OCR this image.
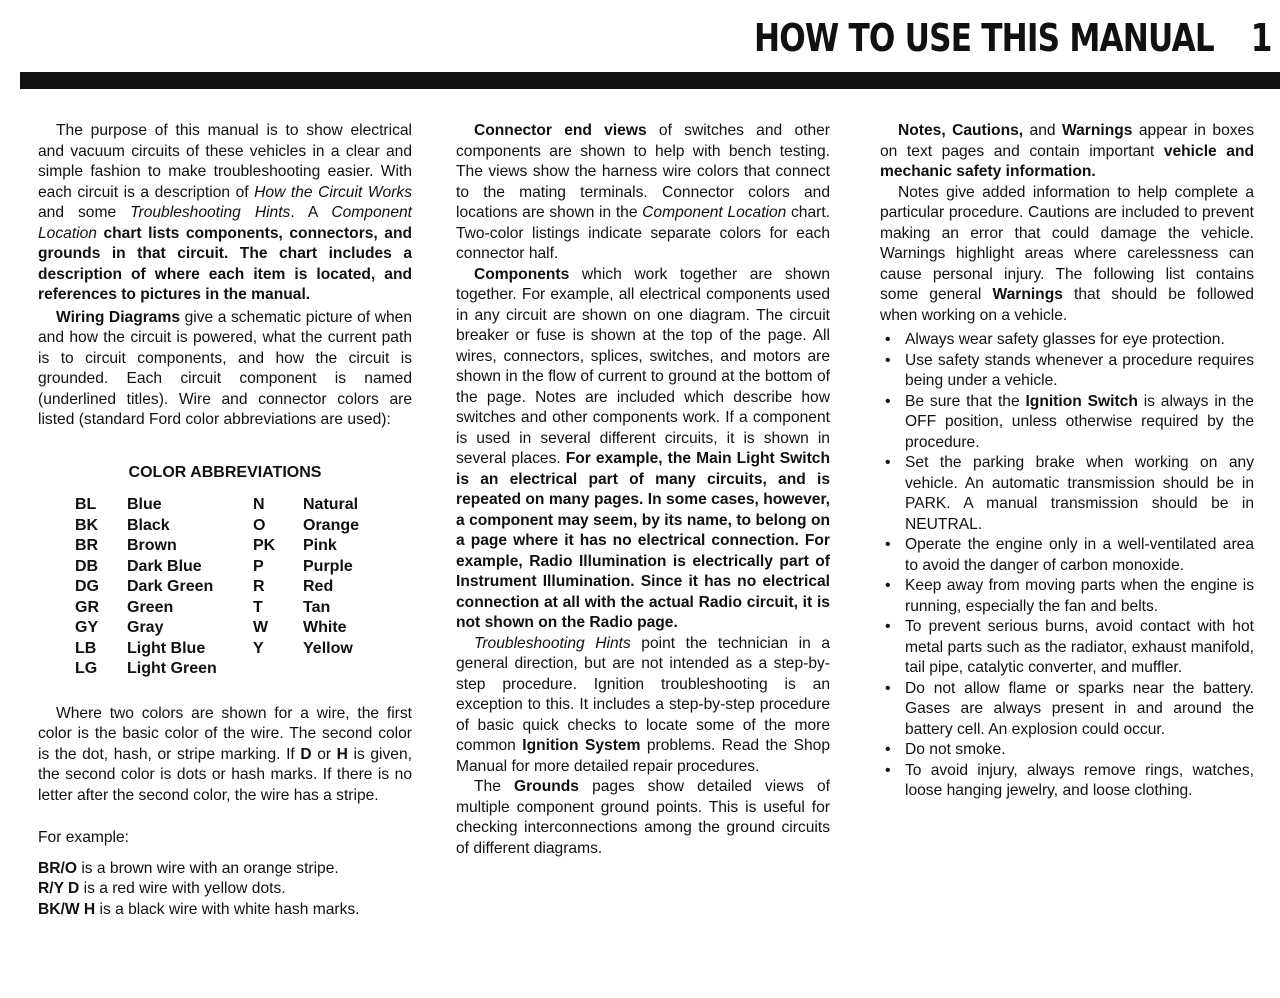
HOW TO USE THIS MANUAL 1

The purpose of this manual is to show electrical and vacuum circuits of these vehicles in a clear and simple fashion to make troubleshooting easier. With each circuit is a description of How the Circuit Works and some Troubleshooting Hints. A Component Location chart lists components, connectors, and grounds in that circuit. The chart includes a description of where each item is located, and references to pictures in the manual.

Wiring Diagrams give a schematic picture of when and how the circuit is powered, what the current path is to circuit components, and how the circuit is grounded. Each circuit component is named (underlined titles). Wire and connector colors are listed (standard Ford color abbreviations are used):

COLOR ABBREVIATIONS
BL	Blue	N	Natural
BK	Black	O	Orange
BR	Brown	PK	Pink
DB	Dark Blue	P	Purple
DG	Dark Green	R	Red
GR	Green	T	Tan
GY	Gray	W	White
LB	Light Blue	Y	Yellow
LG	Light Green		

Where two colors are shown for a wire, the first color is the basic color of the wire. The second color is the dot, hash, or stripe marking. If D or H is given, the second color is dots or hash marks. If there is no letter after the second color, the wire has a stripe.

For example:

BR/O is a brown wire with an orange stripe.

R/Y D is a red wire with yellow dots.

BK/W H is a black wire with white hash marks.

Connector end views of switches and other components are shown to help with bench testing. The views show the harness wire colors that connect to the mating terminals. Connector colors and locations are shown in the Component Location chart. Two-color listings indicate separate colors for each connector half.

Components which work together are shown together. For example, all electrical components used in any circuit are shown on one diagram. The circuit breaker or fuse is shown at the top of the page. All wires, connectors, splices, switches, and motors are shown in the flow of current to ground at the bottom of the page. Notes are included which describe how switches and other components work. If a component is used in several different circuits, it is shown in several places. For example, the Main Light Switch is an electrical part of many circuits, and is repeated on many pages. In some cases, however, a component may seem, by its name, to belong on a page where it has no electrical connection. For example, Radio Illumination is electrically part of Instrument Illumination. Since it has no electrical connection at all with the actual Radio circuit, it is not shown on the Radio page.

Troubleshooting Hints point the technician in a general direction, but are not intended as a step-by-step procedure. Ignition troubleshooting is an exception to this. It includes a step-by-step procedure of basic quick checks to locate some of the more common Ignition System problems. Read the Shop Manual for more detailed repair procedures.

The Grounds pages show detailed views of multiple component ground points. This is useful for checking interconnections among the ground circuits of different diagrams.

Notes, Cautions, and Warnings appear in boxes on text pages and contain important vehicle and mechanic safety information.

Notes give added information to help complete a particular procedure. Cautions are included to prevent making an error that could damage the vehicle. Warnings highlight areas where carelessness can cause personal injury. The following list contains some general Warnings that should be followed when working on a vehicle.

• Always wear safety glasses for eye protection.
• Use safety stands whenever a procedure requires being under a vehicle.
• Be sure that the Ignition Switch is always in the OFF position, unless otherwise required by the procedure.
• Set the parking brake when working on any vehicle. An automatic transmission should be in PARK. A manual transmission should be in NEUTRAL.
• Operate the engine only in a well-ventilated area to avoid the danger of carbon monoxide.
• Keep away from moving parts when the engine is running, especially the fan and belts.
• To prevent serious burns, avoid contact with hot metal parts such as the radiator, exhaust manifold, tail pipe, catalytic converter, and muffler.
• Do not allow flame or sparks near the battery. Gases are always present in and around the battery cell. An explosion could occur.
• Do not smoke.
• To avoid injury, always remove rings, watches, loose hanging jewelry, and loose clothing.
